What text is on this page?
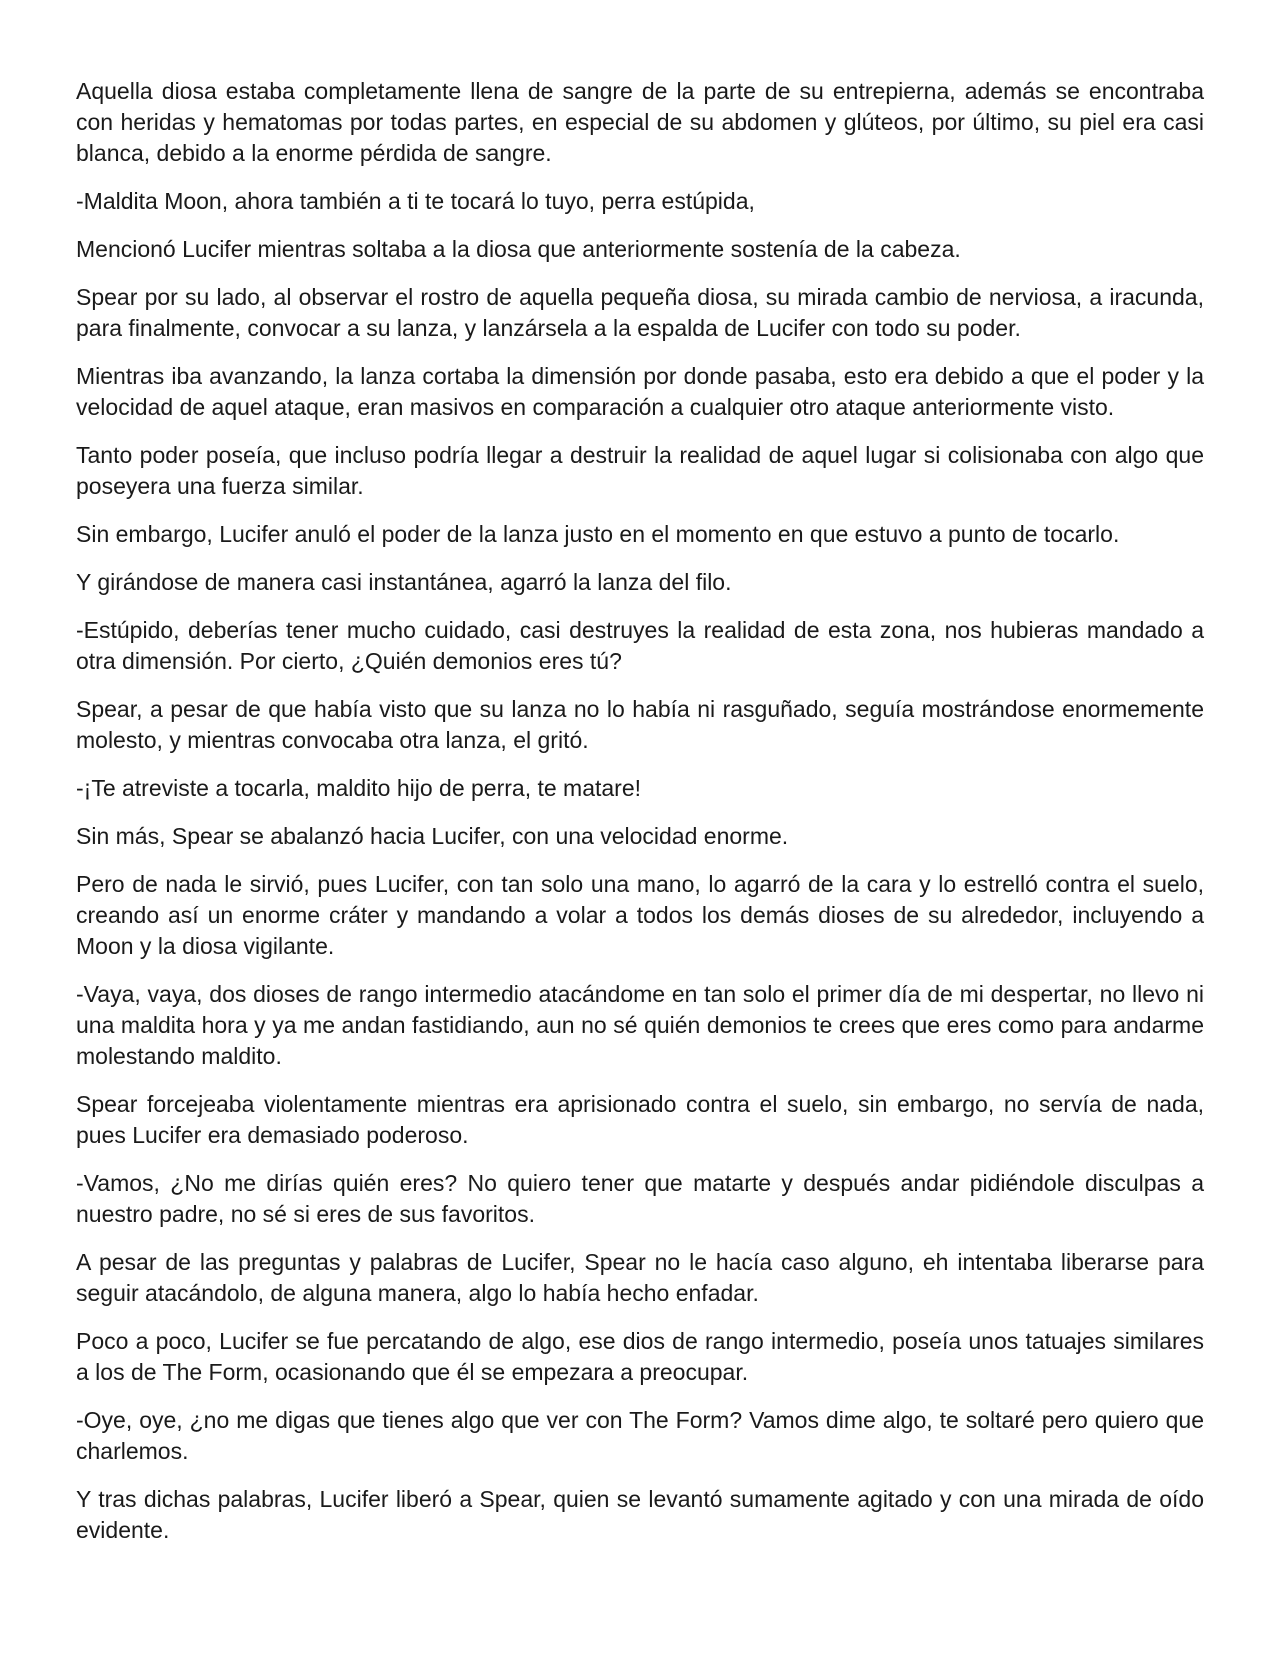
Aquella diosa estaba completamente llena de sangre de la parte de su entrepierna, además se encontraba con heridas y hematomas por todas partes, en especial de su abdomen y glúteos, por último, su piel era casi blanca, debido a la enorme pérdida de sangre.

-Maldita Moon, ahora también a ti te tocará lo tuyo, perra estúpida,

Mencionó Lucifer mientras soltaba a la diosa que anteriormente sostenía de la cabeza.

Spear por su lado, al observar el rostro de aquella pequeña diosa, su mirada cambio de nerviosa, a iracunda, para finalmente, convocar a su lanza, y lanzársela a la espalda de Lucifer con todo su poder.

Mientras iba avanzando, la lanza cortaba la dimensión por donde pasaba, esto era debido a que el poder y la velocidad de aquel ataque, eran masivos en comparación a cualquier otro ataque anteriormente visto.

Tanto poder poseía, que incluso podría llegar a destruir la realidad de aquel lugar si colisionaba con algo que poseyera una fuerza similar.

Sin embargo, Lucifer anuló el poder de la lanza justo en el momento en que estuvo a punto de tocarlo.

Y girándose de manera casi instantánea, agarró la lanza del filo.

-Estúpido, deberías tener mucho cuidado, casi destruyes la realidad de esta zona, nos hubieras mandado a otra dimensión. Por cierto, ¿Quién demonios eres tú?

Spear, a pesar de que había visto que su lanza no lo había ni rasguñado, seguía mostrándose enormemente molesto, y mientras convocaba otra lanza, el gritó.

-¡Te atreviste a tocarla, maldito hijo de perra, te matare!

Sin más, Spear se abalanzó hacia Lucifer, con una velocidad enorme.

Pero de nada le sirvió, pues Lucifer, con tan solo una mano, lo agarró de la cara y lo estrelló contra el suelo, creando así un enorme cráter y mandando a volar a todos los demás dioses de su alrededor, incluyendo a Moon y la diosa vigilante.

-Vaya, vaya, dos dioses de rango intermedio atacándome en tan solo el primer día de mi despertar, no llevo ni una maldita hora y ya me andan fastidiando, aun no sé quién demonios te crees que eres como para andarme molestando maldito.

Spear forcejeaba violentamente mientras era aprisionado contra el suelo, sin embargo, no servía de nada, pues Lucifer era demasiado poderoso.

-Vamos, ¿No me dirías quién eres? No quiero tener que matarte y después andar pidiéndole disculpas a nuestro padre, no sé si eres de sus favoritos.

A pesar de las preguntas y palabras de Lucifer, Spear no le hacía caso alguno, eh intentaba liberarse para seguir atacándolo, de alguna manera, algo lo había hecho enfadar.

Poco a poco, Lucifer se fue percatando de algo, ese dios de rango intermedio, poseía unos tatuajes similares a los de The Form, ocasionando que él se empezara a preocupar.

-Oye, oye, ¿no me digas que tienes algo que ver con The Form? Vamos dime algo, te soltaré pero quiero que charlemos.

Y tras dichas palabras, Lucifer liberó a Spear, quien se levantó sumamente agitado y con una mirada de oído evidente.
